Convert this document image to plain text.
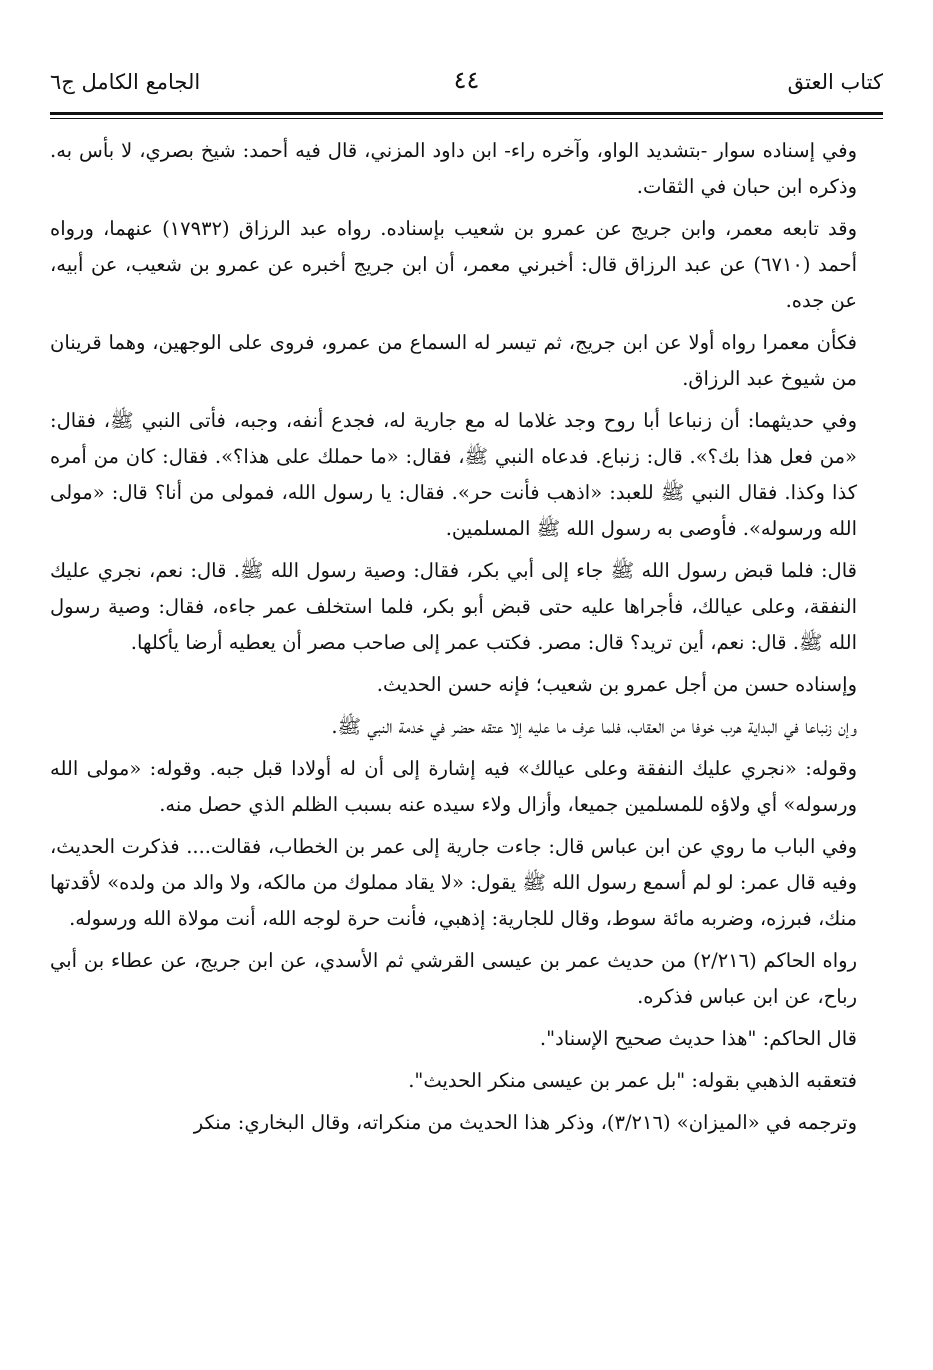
كتاب العتق
٤٤
الجامع الكامل ج٦

وفي إسناده سوار -بتشديد الواو، وآخره راء- ابن داود المزني، قال فيه أحمد: شيخ بصري، لا بأس به. وذكره ابن حبان في الثقات.

وقد تابعه معمر، وابن جريج عن عمرو بن شعيب بإسناده. رواه عبد الرزاق (١٧٩٣٢) عنهما، ورواه أحمد (٦٧١٠) عن عبد الرزاق قال: أخبرني معمر، أن ابن جريج أخبره عن عمرو بن شعيب، عن أبيه، عن جده.

فكأن معمرا رواه أولا عن ابن جريج، ثم تيسر له السماع من عمرو، فروى على الوجهين، وهما قرينان من شيوخ عبد الرزاق.

وفي حديثهما: أن زنباعا أبا روح وجد غلاما له مع جارية له، فجدع أنفه، وجبه، فأتى النبي ﷺ، فقال: «من فعل هذا بك؟». قال: زنباع. فدعاه النبي ﷺ، فقال: «ما حملك على هذا؟». فقال: كان من أمره كذا وكذا. فقال النبي ﷺ للعبد: «اذهب فأنت حر». فقال: يا رسول الله، فمولى من أنا؟ قال: «مولى الله ورسوله». فأوصى به رسول الله ﷺ المسلمين.

قال: فلما قبض رسول الله ﷺ جاء إلى أبي بكر، فقال: وصية رسول الله ﷺ. قال: نعم، نجري عليك النفقة، وعلى عيالك، فأجراها عليه حتى قبض أبو بكر، فلما استخلف عمر جاءه، فقال: وصية رسول الله ﷺ. قال: نعم، أين تريد؟ قال: مصر. فكتب عمر إلى صاحب مصر أن يعطيه أرضا يأكلها.

وإسناده حسن من أجل عمرو بن شعيب؛ فإنه حسن الحديث.

وإن زنباعا في البداية هرب خوفا من العقاب، فلما عرف ما عليه إلا عتقه حضر في خدمة النبي ﷺ.

وقوله: «نجري عليك النفقة وعلى عيالك» فيه إشارة إلى أن له أولادا قبل جبه. وقوله: «مولى الله ورسوله» أي ولاؤه للمسلمين جميعا، وأزال ولاء سيده عنه بسبب الظلم الذي حصل منه.

وفي الباب ما روي عن ابن عباس قال: جاءت جارية إلى عمر بن الخطاب، فقالت.... فذكرت الحديث، وفيه قال عمر: لو لم أسمع رسول الله ﷺ يقول: «لا يقاد مملوك من مالكه، ولا والد من ولده» لأقدتها منك، فبرزه، وضربه مائة سوط، وقال للجارية: إذهبي، فأنت حرة لوجه الله، أنت مولاة الله ورسوله.

رواه الحاكم (٢/٢١٦) من حديث عمر بن عيسى القرشي ثم الأسدي، عن ابن جريج، عن عطاء بن أبي رباح، عن ابن عباس فذكره.

قال الحاكم: "هذا حديث صحيح الإسناد".

فتعقبه الذهبي بقوله: "بل عمر بن عيسى منكر الحديث".

وترجمه في «الميزان» (٣/٢١٦)، وذكر هذا الحديث من منكراته، وقال البخاري: منكر
